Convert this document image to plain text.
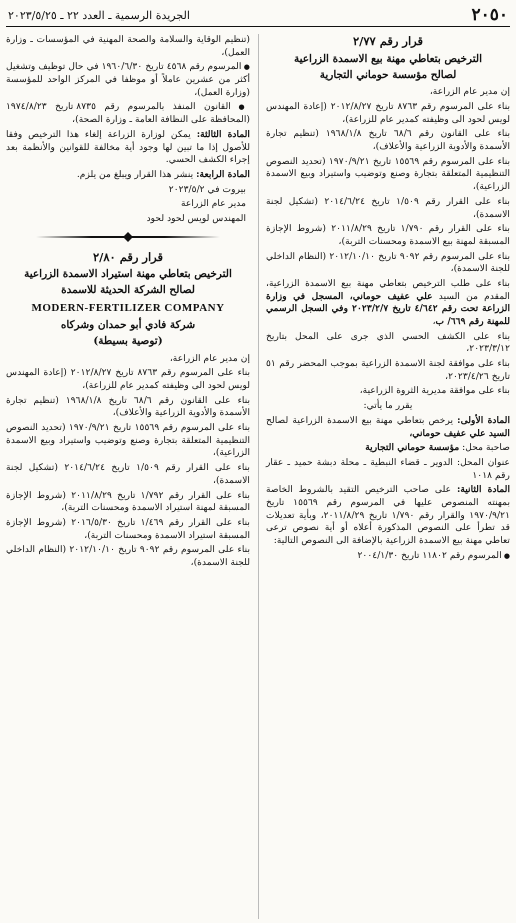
٢٠٥٠
الجريدة الرسمية ـ العدد ٢٢ ـ ٢٠٢٣/٥/٢٥
قرار رقم ٢/٧٧
الترخيص بتعاطي مهنة بيع الاسمدة الزراعية
لصالح مؤسسة حوماني التجارية

إن مدير عام الزراعة،

بناء على المرسوم رقم ٨٧٦٣ تاريخ ٢٠١٢/٨/٢٧ (إعادة المهندس لويس لحود الى وظيفته كمدير عام للزراعة)،

بناء على القانون رقم ٦٨/٦ تاريخ ١٩٦٨/١/٨ (تنظيم تجارة الأسمدة والأدوية الزراعية والأعلاف)،

بناء على المرسوم رقم ١٥٥٦٩ تاريخ ١٩٧٠/٩/٢١ (تحديد النصوص التنظيمية المتعلقة بتجارة وصنع وتوضيب واستيراد وبيع الاسمدة الزراعية)،

بناء على القرار رقم ١/٥٠٩ تاريخ ٢٠١٤/٦/٢٤ (تشكيل لجنة الاسمدة)،

بناء على القرار رقم ١/٧٩٠ تاريخ ٢٠١١/٨/٢٩ (شروط الإجازة المسبقة لمهنة بيع الاسمدة ومحسنات التربة)،

بناء على المرسوم رقم ٩٠٩٢ تاريخ ٢٠١٢/١٠/١٠ (النظام الداخلي للجنة الاسمدة)،

بناء على طلب الترخيص بتعاطي مهنة بيع الاسمدة الزراعية، المقدم من السيد علي عفيف حوماني، المسجل في وزارة الزراعة تحت رقم ٤/٦٤٢ تاريخ ٢٠٢٣/٢/٧ وفي السجل الرسمي للمهنة رقم ٦٦٩/ ب،

بناء على الكشف الحسي الذي جرى على المحل بتاريخ ٢٠٢٣/٣/١٢،

بناء على موافقة لجنة الاسمدة الزراعية بموجب المحضر رقم ٥١ تاريخ ٢٠٢٣/٤/٢٦،

بناء على موافقة مديرية الثروة الزراعية،

يقرر ما يأتي:

المادة الأولى: يرخص بتعاطي مهنة بيع الاسمدة الزراعية لصالح السيد علي عفيف حوماني،

صاحبة محل: مؤسسة حوماني التجارية

عنوان المحل: الدوير ـ قضاء النبطية ـ محلة دبشة حميد ـ عقار رقم ١٠١٨

المادة الثانية: على صاحب الترخيص التقيد بالشروط الخاصة بمهنته المنصوص عليها في المرسوم رقم ١٥٥٦٩ تاريخ ١٩٧٠/٩/٢١ والقرار رقم ١/٧٩٠ تاريخ ٢٠١١/٨/٢٩، وبأية تعديلات قد تطرأ على النصوص المذكورة أعلاه أو أية نصوص ترعى تعاطي مهنة بيع الاسمدة الزراعية بالإضافة الى النصوص التالية:

● المرسوم رقم ١١٨٠٢ تاريخ ٢٠٠٤/١/٣٠

(تنظيم الوقاية والسلامة والصحة المهنية في المؤسسات ـ وزارة العمل)،

● المرسوم رقم ٤٥٦٨ تاريخ ١٩٦٠/٦/٣٠ في حال توظيف وتشغيل أكثر من عشرين عاملاً أو موظفا في المركز الواحد للمؤسسة (وزارة العمل)،

● القانون المنفذ بالمرسوم رقم ٨٧٣٥ تاريخ ١٩٧٤/٨/٢٣ (المحافظة على النظافة العامة ـ وزارة الصحة)،

المادة الثالثة: يمكن لوزارة الزراعة إلغاء هذا الترخيص وفقا للأصول إذا ما تبين لها وجود أية مخالفة للقوانين والأنظمة بعد إجراء الكشف الحسي.

المادة الرابعة: ينشر هذا القرار ويبلغ من يلزم.

بيروت في ٢٠٢٣/٥/٢

مدير عام الزراعة

المهندس لويس لحود لحود

قرار رقم ٢/٨٠
الترخيص بتعاطي مهنة استيراد الاسمدة الزراعية
لصالح الشركة الحديثة للاسمدة
MODERN-FERTILIZER COMPANY
شركة فادي أبو حمدان وشركاه
(توصية بسيطة)

إن مدير عام الزراعة،

بناء على المرسوم رقم ٨٧٦٣ تاريخ ٢٠١٢/٨/٢٧ (إعادة المهندس لويس لحود الى وظيفته كمدير عام للزراعة)،

بناء على القانون رقم ٦٨/٦ تاريخ ١٩٦٨/١/٨ (تنظيم تجارة الأسمدة والأدوية الزراعية والأعلاف)،

بناء على المرسوم رقم ١٥٥٦٩ تاريخ ١٩٧٠/٩/٢١ (تحديد النصوص التنظيمية المتعلقة بتجارة وصنع وتوضيب واستيراد وبيع الاسمدة الزراعية)،

بناء على القرار رقم ١/٥٠٩ تاريخ ٢٠١٤/٦/٢٤ (تشكيل لجنة الاسمدة)،

بناء على القرار رقم ١/٧٩٢ تاريخ ٢٠١١/٨/٢٩ (شروط الإجازة المسبقة لمهنة استيراد الاسمدة ومحسنات التربة)،

بناء على القرار رقم ١/٤٦٩ تاريخ ٢٠١٦/٥/٣٠ (شروط الإجازة المسبقة استيراد الاسمدة ومحسنات التربة)،

بناء على المرسوم رقم ٩٠٩٢ تاريخ ٢٠١٢/١٠/١٠ (النظام الداخلي للجنة الاسمدة)،
